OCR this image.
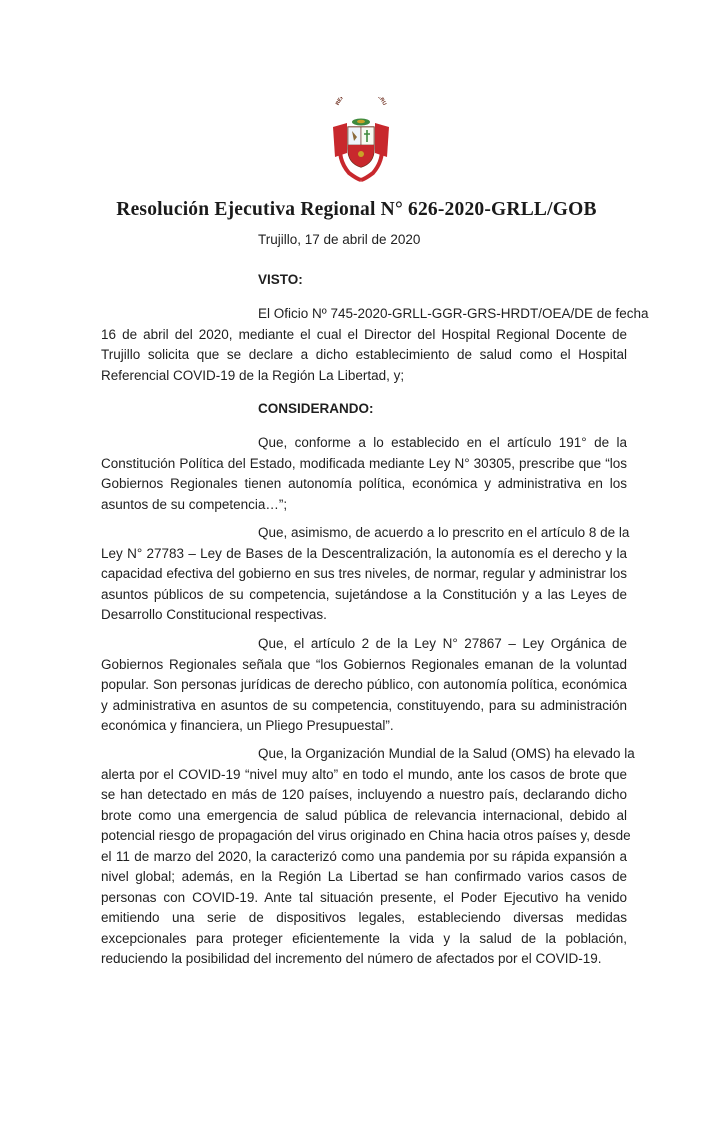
REP ERU
Resolución Ejecutiva Regional N° 626-2020-GRLL/GOB
Trujillo, 17 de abril de 2020
VISTO:
El Oficio Nº 745-2020-GRLL-GGR-GRS-HRDT/OEA/DE de fecha
16 de abril del 2020, mediante el cual el Director del Hospital Regional Docente de
Trujillo solicita que se declare a dicho establecimiento de salud como el Hospital
Referencial COVID-19 de la Región La Libertad, y;
CONSIDERANDO:
Que, conforme a lo establecido en el artículo 191° de la
Constitución Política del Estado, modificada mediante Ley N° 30305, prescribe que “los
Gobiernos Regionales tienen autonomía política, económica y administrativa en los
asuntos de su competencia…”;
Que, asimismo, de acuerdo a lo prescrito en el artículo 8 de la
Ley N° 27783 – Ley de Bases de la Descentralización, la autonomía es el derecho y la
capacidad efectiva del gobierno en sus tres niveles, de normar, regular y administrar los
asuntos públicos de su competencia, sujetándose a la Constitución y a las Leyes de
Desarrollo Constitucional respectivas.
Que, el artículo 2 de la Ley N° 27867 – Ley Orgánica de
Gobiernos Regionales señala que “los Gobiernos Regionales emanan de la voluntad
popular. Son personas jurídicas de derecho público, con autonomía política, económica
y administrativa en asuntos de su competencia, constituyendo, para su administración
económica y financiera, un Pliego Presupuestal”.
Que, la Organización Mundial de la Salud (OMS) ha elevado la
alerta por el COVID-19 “nivel muy alto” en todo el mundo, ante los casos de brote que
se han detectado en más de 120 países, incluyendo a nuestro país, declarando dicho
brote como una emergencia de salud pública de relevancia internacional, debido al
potencial riesgo de propagación del virus originado en China hacia otros países y, desde
el 11 de marzo del 2020, la caracterizó como una pandemia por su rápida expansión a
nivel global; además, en la Región La Libertad se han confirmado varios casos de
personas con COVID-19. Ante tal situación presente, el Poder Ejecutivo ha venido
emitiendo una serie de dispositivos legales, estableciendo diversas medidas
excepcionales para proteger eficientemente la vida y la salud de la población,
reduciendo la posibilidad del incremento del número de afectados por el COVID-19.
